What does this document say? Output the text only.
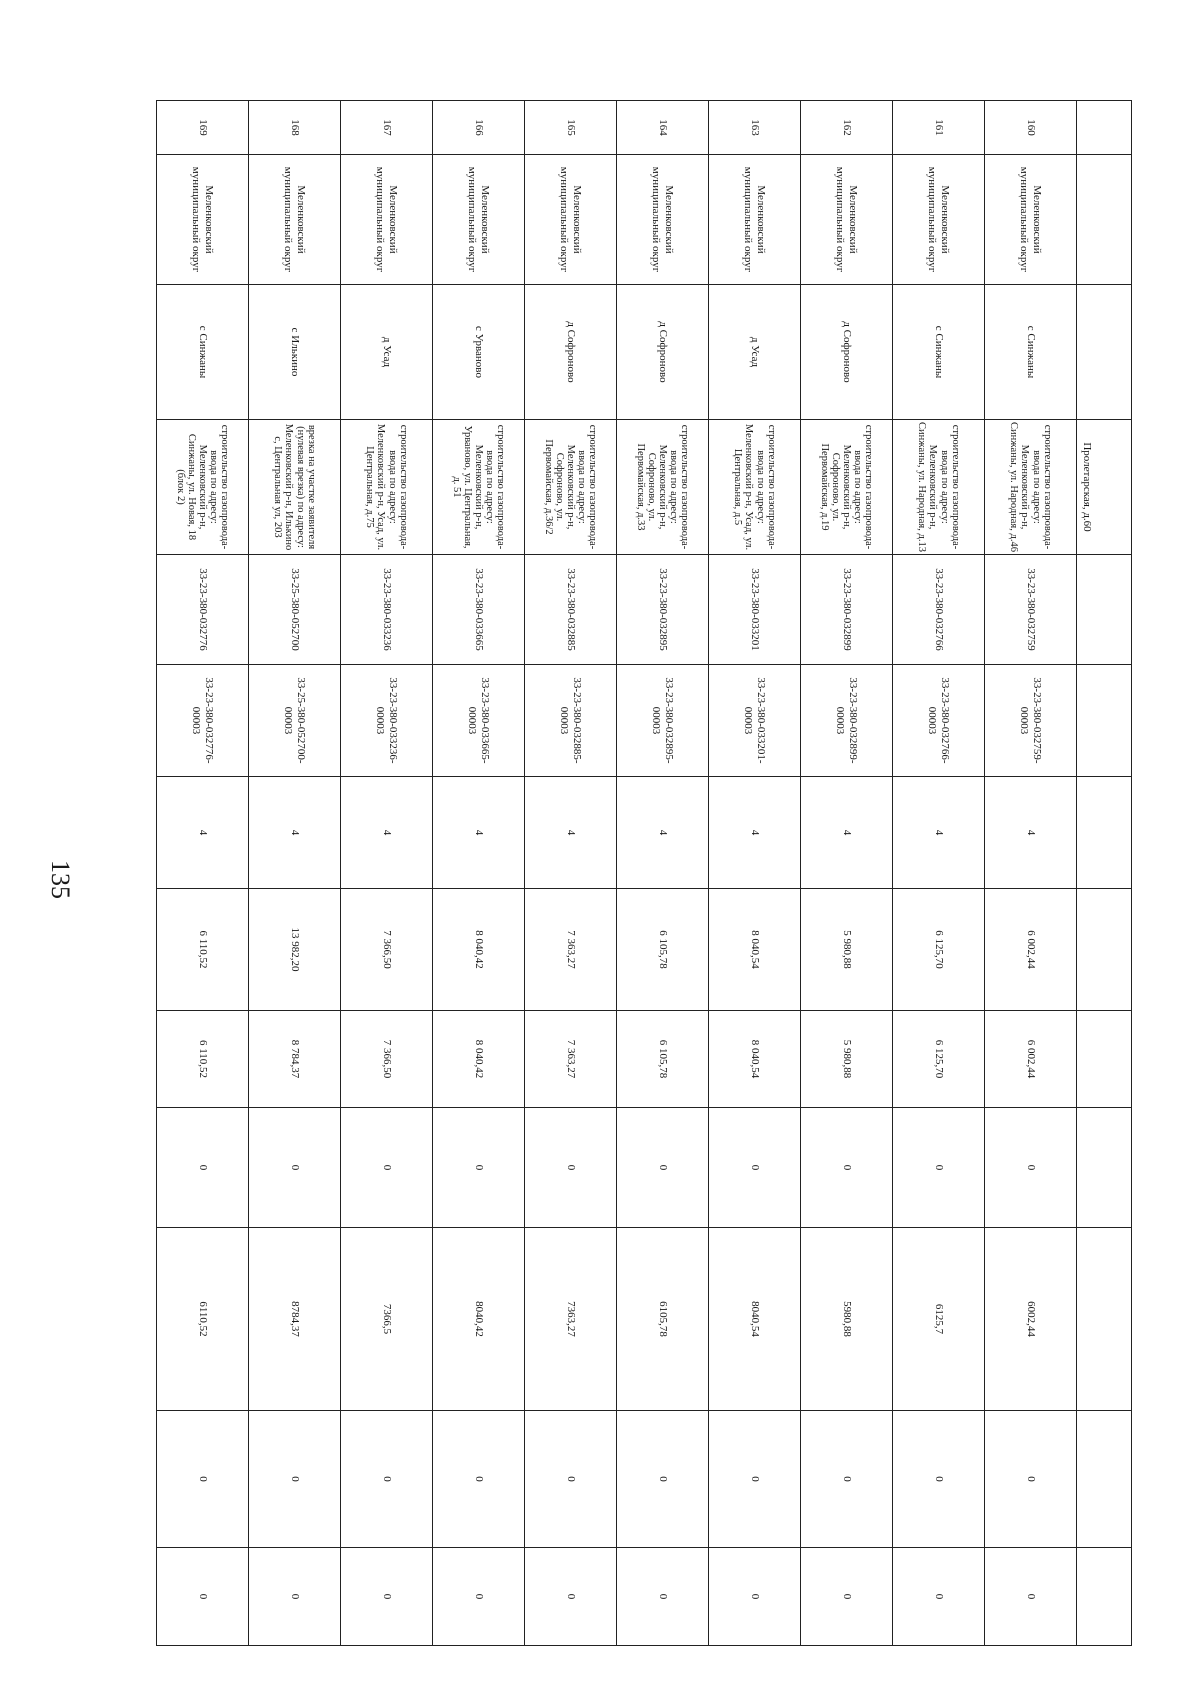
135
			Пролетарская, д.60									
160	Меленковский муниципальный округ	с Синжаны	строительство газопровода-ввода по адресу: Меленковский р-н, Синжаны, ул. Народная, д.46	33-23-380-032759	33-23-380-032759-00003	4	6 002,44	6 002,44	0	6002,44	0	0
161	Меленковский муниципальный округ	с Синжаны	строительство газопровода-ввода по адресу: Меленковский р-н, Синжаны, ул. Народная, д.13	33-23-380-032766	33-23-380-032766-00003	4	6 125,70	6 125,70	0	6125,7	0	0
162	Меленковский муниципальный округ	д Софроново	строительство газопровода-ввода по адресу: Меленковский р-н, Софроново, ул. Первомайская, д.19	33-23-380-032899	33-23-380-032899-00003	4	5 980,88	5 980,88	0	5980,88	0	0
163	Меленковский муниципальный округ	д Усад	строительство газопровода-ввода по адресу: Меленковский р-н, Усад, ул. Центральная, д.5	33-23-380-033201	33-23-380-033201-00003	4	8 040,54	8 040,54	0	8040,54	0	0
164	Меленковский муниципальный округ	д Софроново	строительство газопровода-ввода по адресу: Меленковский р-н, Софроново, ул. Первомайская, д.33	33-23-380-032895	33-23-380-032895-00003	4	6 105,78	6 105,78	0	6105,78	0	0
165	Меленковский муниципальный округ	д Софроново	строительство газопровода-ввода по адресу: Меленковский р-н, Софроново, ул. Первомайская, д.36/2	33-23-380-032885	33-23-380-032885-00003	4	7 363,27	7 363,27	0	7363,27	0	0
166	Меленковский муниципальный округ	с Урвановo	строительство газопровода-ввода по адресу: Меленковский р-н, Урваново, ул. Центральная, д. 51	33-23-380-033665	33-23-380-033665-00003	4	8 040,42	8 040,42	0	8040,42	0	0
167	Меленковский муниципальный округ	д Усад	строительство газопровода-ввода по адресу: Меленковский р-н, Усад, ул. Центральная, д.75	33-23-380-033236	33-23-380-033236-00003	4	7 366,50	7 366,50	0	7366,5	0	0
168	Меленковский муниципальный округ	с Илькино	врезка на участке заявителя (нулевая врезка) по адресу: Меленковский р-н, Илькино с, Центральная ул, 203	33-25-380-052700	33-25-380-052700-00003	4	13 982,20	8 784,37	0	8784,37	0	0
169	Меленковский муниципальный округ	с Синжаны	строительство газопровода-ввода по адресу: Меленковский р-н, Синжаны, ул. Новая, 18 (блок 2)	33-23-380-032776	33-23-380-032776-00003	4	6 110,52	6 110,52	0	6110,52	0	0
